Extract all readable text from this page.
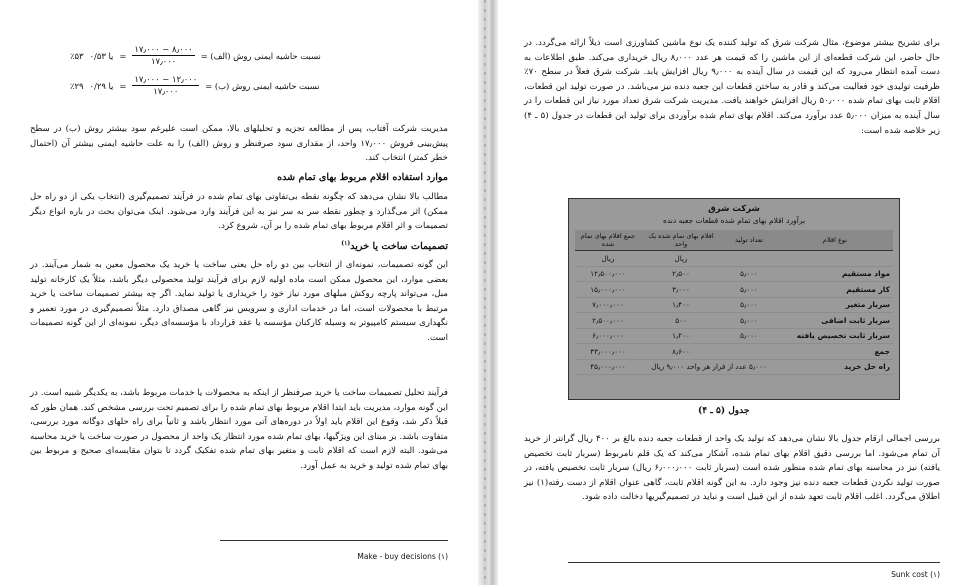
٪۵۳ یا ۰/۵۳ = $\frac{۱۷٫۰۰۰ - ۸٫۰۰۰}{۱۷٫۰۰۰}$ = نسبت حاشیه ایمنی روش (الف)
٪۲۹ یا ۰/۲۹ = $\frac{۱۷٫۰۰۰ - ۱۲٫۰۰۰}{۱۷٫۰۰۰}$ = نسبت حاشیه ایمنی روش (ب)
مدیریت شرکت آفتاب، پس از مطالعه تجزیه و تحلیلهای بالا، ممکن است علیرغم سود بیشتر روش (ب) در سطح پیش‌بینی فروش ۱۷٫۰۰۰ واحد، از مقداری سود صرفنظر و روش (الف) را به علت حاشیه ایمنی بیشتر آن (احتمال خطر کمتر) انتخاب کند.
موارد استفاده اقلام مربوط بهای تمام شده
مطالب بالا نشان می‌دهد که چگونه نقطه بی‌تفاوتی بهای تمام شده در فرآیند تصمیم‌گیری (انتخاب یکی از دو راه حل ممکن) اثر می‌گذارد و چطور نقطه سر به سر نیز به این فرآیند وارد می‌شود. اینک می‌توان بحث در باره انواع دیگر تصمیمات و اثر اقلام مربوط بهای تمام شده را بر آن، شروع کرد.
تصمیمات ساخت یا خرید$^{(۱)}$
این گونه تصمیمات، نمونه‌ای از انتخاب بین دو راه حل یعنی ساخت یا خرید یک محصول معین به شمار می‌آیند. در بعضی موارد، این محصول ممکن است ماده اولیه لازم برای فرآیند تولید محصولی دیگر باشد، مثلاً یک کارخانه تولید مبل، می‌تواند پارچه روکش مبلهای مورد نیاز خود را خریداری یا تولید نماید. اگر چه بیشتر تصمیمات ساخت یا خرید مرتبط با محصولات است، اما در خدمات اداری و سرویس نیز گاهی مصداق دارد. مثلاً تصمیم‌گیری در مورد تعمیر و نگهداری سیستم کامپیوتر به وسیله کارکنان مؤسسه یا عقد قرارداد با مؤسسه‌ای دیگر، نمونه‌ای از این گونه تصمیمات است.
فرآیند تحلیل تصمیمات ساخت یا خرید صرفنظر از اینکه به محصولات یا خدمات مربوط باشد، به یکدیگر شبیه است. در این گونه موارد، مدیریت باید ابتدا اقلام مربوط بهای تمام شده را برای تصمیم تحت بررسی مشخص کند. همان طور که قبلاً ذکر شد، وقوع این اقلام باید اولاً در دوره‌های آتی مورد انتظار باشد و ثانیاً برای راه حلهای دوگانه مورد بررسی، متفاوت باشد. بر مبنای این ویژگیها، بهای تمام شده مورد انتظار یک واحد از محصول در صورت ساخت یا خرید محاسبه می‌شود. البته لازم است که اقلام ثابت و متغیر بهای تمام شده تفکیک گردد تا بتوان مقایسه‌ای صحیح و مربوط بین بهای تمام شده تولید و خرید به عمل آورد.
Make - buy decisions (۱)
برای تشریح بیشتر موضوع، مثال شرکت شرق که تولید کننده یک نوع ماشین کشاورزی است ذیلاً ارائه می‌گردد. در حال حاضر، این شرکت قطعه‌ای از این ماشین را که قیمت هر عدد ۸٫۰۰۰ ریال خریداری می‌کند. طبق اطلاعات به دست آمده انتظار می‌رود که این قیمت در سال آینده به ۹٫۰۰۰ ریال افزایش یابد. شرکت شرق فعلاً در سطح ۷۰٪ ظرفیت تولیدی خود فعالیت می‌کند و قادر به ساختن قطعات این جعبه دنده نیز می‌باشد. در صورت تولید این قطعات، اقلام ثابت بهای تمام شده ۵۰٫۰۰۰ ریال افزایش خواهند یافت. مدیریت شرکت شرق تعداد مورد نیاز این قطعات را در سال آینده به میزان ۵٫۰۰۰ عدد برآورد می‌کند. اقلام بهای تمام شده برآوردی برای تولید این قطعات در جدول (۵ ـ ۴) زیر خلاصه شده است:
شرکت شرق
برآورد اقلام بهای تمام شده قطعات جعبه دنده
نوع اقلام	تعداد تولید	اقلام بهای تمام شده یک واحد	جمع اقلام بهای تمام شده
		ریال	ریال
مواد مستقیم	۵٫۰۰۰	۲٫۵۰۰	۱۲٫۵۰۰٫۰۰۰
کار مستقیم	۵٫۰۰۰	۳٫۰۰۰	۱۵٫۰۰۰٫۰۰۰
سربار متغیر	۵٫۰۰۰	۱٫۴۰۰	۷٫۰۰۰٫۰۰۰
سربار ثابت اضافی	۵٫۰۰۰	۵۰۰	۲٫۵۰۰٫۰۰۰
سربار ثابت تخصیص یافته	۵٫۰۰۰	۱٫۲۰۰	۶٫۰۰۰٫۰۰۰
جمع		۸٫۶۰۰	۴۳٫۰۰۰٫۰۰۰
راه حل خرید	۵٫۰۰۰ عدد از قرار هر واحد ۹٫۰۰۰ ریال		۴۵٫۰۰۰٫۰۰۰
جدول (۵ ـ ۴)
بررسی اجمالی ارقام جدول بالا نشان می‌دهد که تولید یک واحد از قطعات جعبه دنده بالغ بر ۴۰۰ ریال گرانتر از خرید آن تمام می‌شود. اما بررسی دقیق اقلام بهای تمام شده، آشکار می‌کند که یک قلم نامربوط (سربار ثابت تخصیص یافته) نیز در محاسبه بهای تمام شده منظور شده است (سربار ثابت ۶٫۰۰۰٫۰۰۰ ریال) سربار ثابت تخصیص یافته، در صورت تولید نکردن قطعات جعبه دنده نیز وجود دارد. به این گونه اقلام ثابت، گاهی عنوان اقلام از دست رفته(۱) نیز اطلاق می‌گردد. اغلب اقلام ثابت تعهد شده از این قبیل است و نباید در تصمیم‌گیریها دخالت داده شود.
Sunk cost (۱)
